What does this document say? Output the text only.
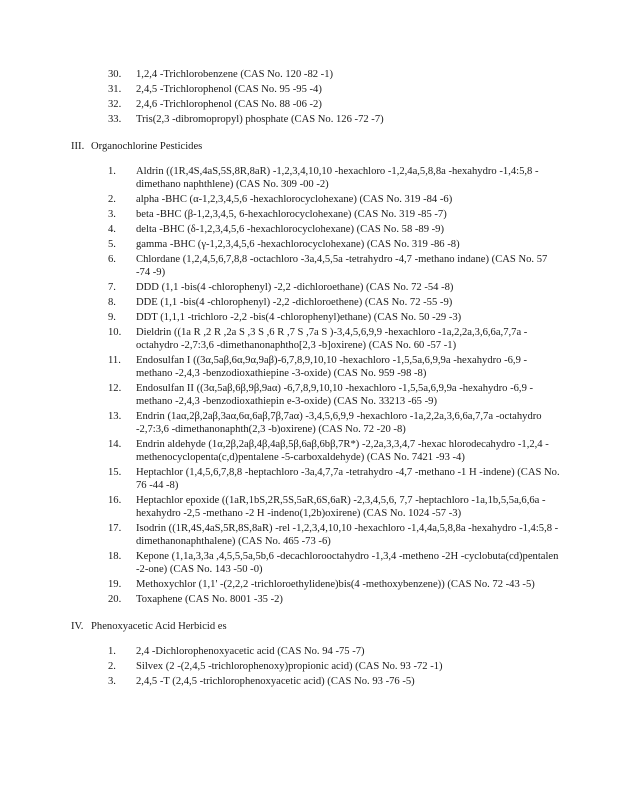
30. 1,2,4 -Trichlorobenzene (CAS No. 120 -82 -1)
31. 2,4,5 -Trichlorophenol (CAS No. 95 -95 -4)
32. 2,4,6 -Trichlorophenol (CAS No. 88 -06 -2)
33. Tris(2,3 -dibromopropyl) phosphate (CAS No. 126 -72 -7)
III. Organochlorine Pesticides
1. Aldrin ((1R,4S,4aS,5S,8R,8aR) -1,2,3,4,10,10 -hexachloro -1,2,4a,5,8,8a -hexahydro -1,4:5,8 -dimethano naphthlene) (CAS No. 309 -00 -2)
2. alpha -BHC (α-1,2,3,4,5,6 -hexachlorocyclohexane) (CAS No. 319 -84 -6)
3. beta -BHC (β-1,2,3,4,5, 6-hexachlorocyclohexane) (CAS No. 319 -85 -7)
4. delta -BHC (δ-1,2,3,4,5,6 -hexachlorocyclohexane) (CAS No. 58 -89 -9)
5. gamma -BHC (γ-1,2,3,4,5,6 -hexachlorocyclohexane) (CAS No. 319 -86 -8)
6. Chlordane (1,2,4,5,6,7,8,8 -octachloro -3a,4,5,5a -tetrahydro -4,7 -methano indane) (CAS No. 57 -74 -9)
7. DDD (1,1 -bis(4 -chlorophenyl) -2,2 -dichloroethane) (CAS No. 72 -54 -8)
8. DDE (1,1 -bis(4 -chlorophenyl) -2,2 -dichloroethene) (CAS No. 72 -55 -9)
9. DDT (1,1,1 -trichloro -2,2 -bis(4 -chlorophenyl)ethane) (CAS No. 50 -29 -3)
10. Dieldrin ((1a R ,2 R ,2a S ,3 S ,6 R ,7 S ,7a S )-3,4,5,6,9,9 -hexachloro -1a,2,2a,3,6,6a,7,7a -octahydro -2,7:3,6 -dimethanonaphtho[2,3 -b]oxirene) (CAS No. 60 -57 -1)
11. Endosulfan I ((3α,5aβ,6α,9α,9aβ)-6,7,8,9,10,10 -hexachloro -1,5,5a,6,9,9a -hexahydro -6,9 -methano -2,4,3 -benzodioxathiepine -3-oxide) (CAS No. 959 -98 -8)
12. Endosulfan II ((3α,5aβ,6β,9β,9aα) -6,7,8,9,10,10 -hexachloro -1,5,5a,6,9,9a -hexahydro -6,9 -methano -2,4,3 -benzodioxathiepin e-3-oxide) (CAS No. 33213 -65 -9)
13. Endrin (1aα,2β,2aβ,3aα,6α,6aβ,7β,7aα) -3,4,5,6,9,9 -hexachloro -1a,2,2a,3,6,6a,7,7a -octahydro -2,7:3,6 -dimethanonaphth(2,3 -b)oxirene) (CAS No. 72 -20 -8)
14. Endrin aldehyde (1α,2β,2aβ,4β,4aβ,5β,6aβ,6bβ,7R*) -2,2a,3,3,4,7 -hexac hlorodecahydro -1,2,4 -methenocyclopenta(c,d)pentalene -5-carboxaldehyde) (CAS No. 7421 -93 -4)
15. Heptachlor (1,4,5,6,7,8,8 -heptachloro -3a,4,7,7a -tetrahydro -4,7 -methano -1 H -indene) (CAS No. 76 -44 -8)
16. Heptachlor epoxide ((1aR,1bS,2R,5S,5aR,6S,6aR) -2,3,4,5,6, 7,7 -heptachloro -1a,1b,5,5a,6,6a -hexahydro -2,5 -methano -2 H -indeno(1,2b)oxirene) (CAS No. 1024 -57 -3)
17. Isodrin ((1R,4S,4aS,5R,8S,8aR) -rel -1,2,3,4,10,10 -hexachloro -1,4,4a,5,8,8a -hexahydro -1,4:5,8 -dimethanonaphthalene) (CAS No. 465 -73 -6)
18. Kepone (1,1a,3,3a ,4,5,5,5a,5b,6 -decachlorooctahydro -1,3,4 -metheno -2H -cyclobuta(cd)pentalen -2-one) (CAS No. 143 -50 -0)
19. Methoxychlor (1,1' -(2,2,2 -trichloroethylidene)bis(4 -methoxybenzene)) (CAS No. 72 -43 -5)
20. Toxaphene (CAS No. 8001 -35 -2)
IV. Phenoxyacetic Acid Herbicid es
1. 2,4 -Dichlorophenoxyacetic acid (CAS No. 94 -75 -7)
2. Silvex (2 -(2,4,5 -trichlorophenoxy)propionic acid) (CAS No. 93 -72 -1)
3. 2,4,5 -T (2,4,5 -trichlorophenoxyacetic acid) (CAS No. 93 -76 -5)
